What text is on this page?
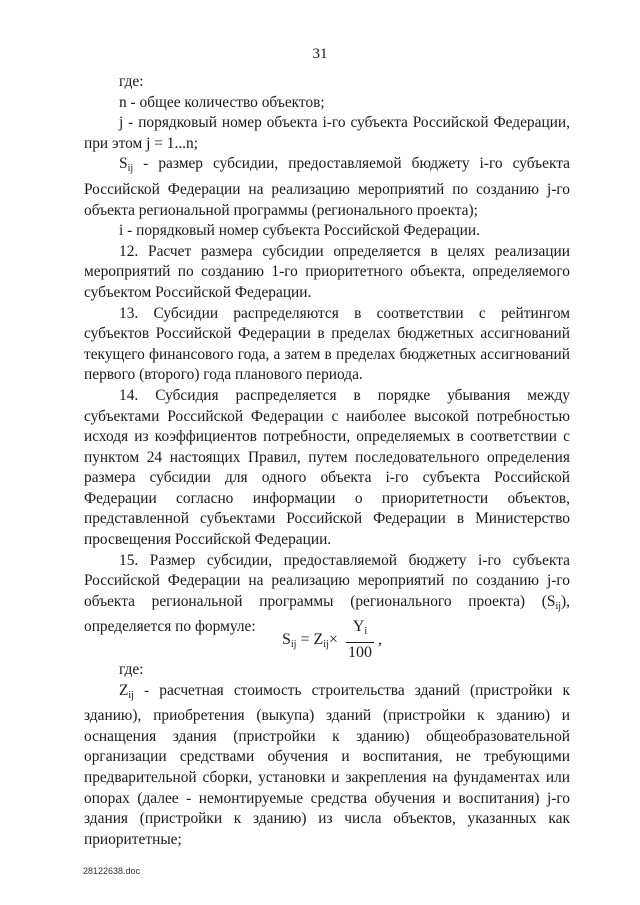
31

где:

n - общее количество объектов;

j - порядковый номер объекта i-го субъекта Российской Федерации, при этом j = 1...n;

$S_{ij}$ - размер субсидии, предоставляемой бюджету i-го субъекта Российской Федерации на реализацию мероприятий по созданию j-го объекта региональной программы (регионального проекта);

i - порядковый номер субъекта Российской Федерации.

12. Расчет размера субсидии определяется в целях реализации мероприятий по созданию 1-го приоритетного объекта, определяемого субъектом Российской Федерации.

13. Субсидии распределяются в соответствии с рейтингом субъектов Российской Федерации в пределах бюджетных ассигнований текущего финансового года, а затем в пределах бюджетных ассигнований первого (второго) года планового периода.

14. Субсидия распределяется в порядке убывания между субъектами Российской Федерации с наиболее высокой потребностью исходя из коэффициентов потребности, определяемых в соответствии с пунктом 24 настоящих Правил, путем последовательного определения размера субсидии для одного объекта i-го субъекта Российской Федерации согласно информации о приоритетности объектов, представленной субъектами Российской Федерации в Министерство просвещения Российской Федерации.

15. Размер субсидии, предоставляемой бюджету i-го субъекта Российской Федерации на реализацию мероприятий по созданию j-го объекта региональной программы (регионального проекта) $(S_{ij})$, определяется по формуле:

$S_{ij} = Z_{ij}\times$
$Y_i$
100
,

где:

$Z_{ij}$ - расчетная стоимость строительства зданий (пристройки к зданию), приобретения (выкупа) зданий (пристройки к зданию) и оснащения здания (пристройки к зданию) общеобразовательной организации средствами обучения и воспитания, не требующими предварительной сборки, установки и закрепления на фундаментах или опорах (далее - немонтируемые средства обучения и воспитания) j-го здания (пристройки к зданию) из числа объектов, указанных как приоритетные;

28122638.doc
